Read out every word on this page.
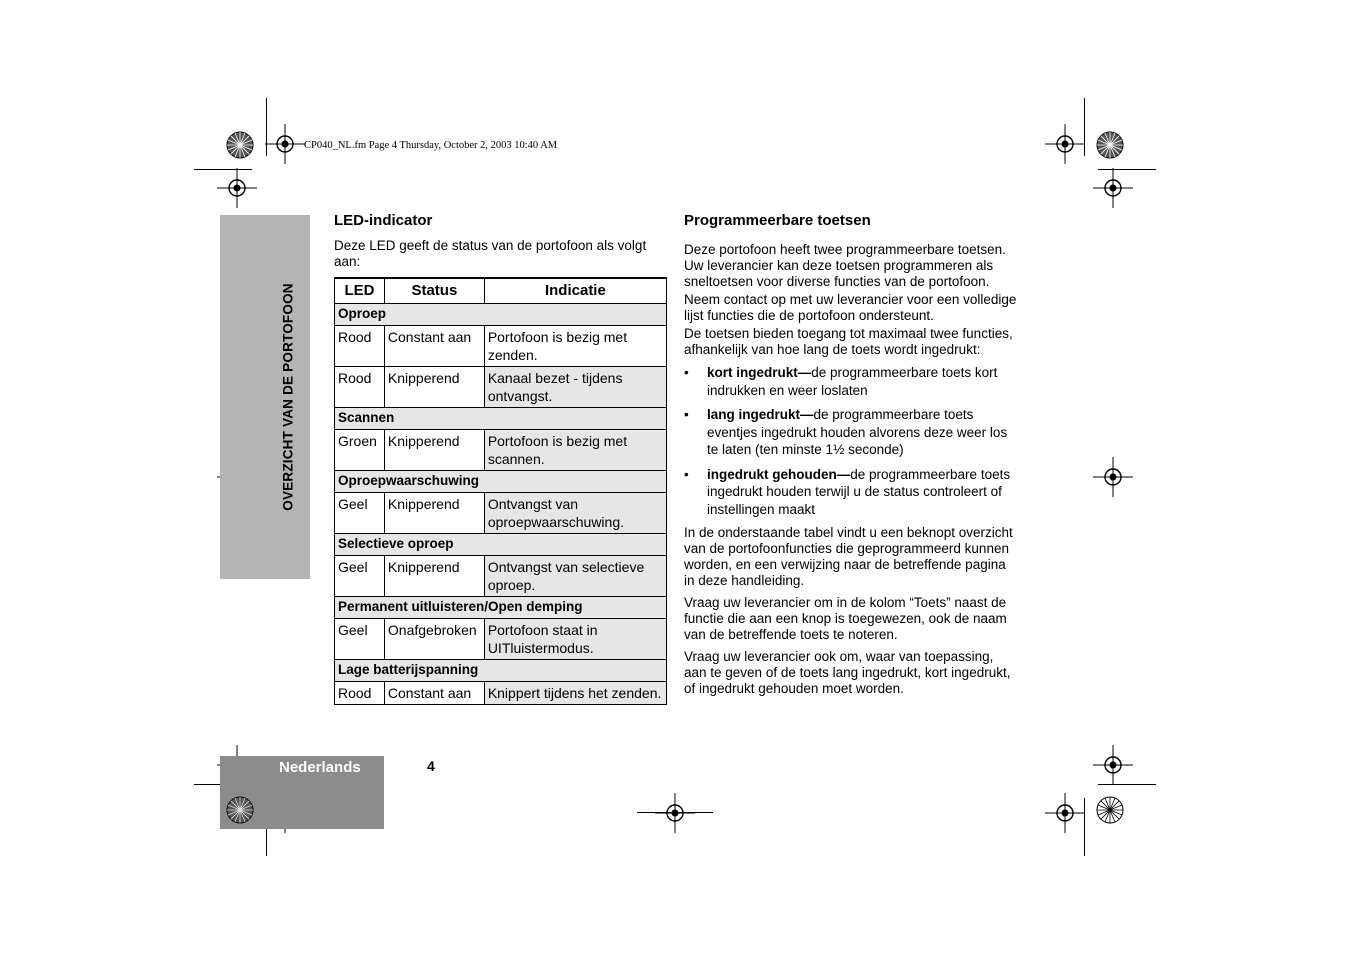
CP040_NL.fm Page 4 Thursday, October 2, 2003 10:40 AM
OVERZICHT VAN DE PORTOFOON
Nederlands	4
LED-indicator
Deze LED geeft de status van de portofoon als volgt aan:
LED	Status	Indicatie
Oproep		
Rood	Constant aan	Portofoon is bezig met zenden.
Rood	Knipperend	Kanaal bezet - tijdens ontvangst.
Scannen		
Groen	Knipperend	Portofoon is bezig met scannen.
Oproepwaarschuwing		
Geel	Knipperend	Ontvangst van oproepwaarschuwing.
Selectieve oproep		
Geel	Knipperend	Ontvangst van selectieve oproep.
Permanent uitluisteren/Open demping		
Geel	Onafgebroken	Portofoon staat in UITluistermodus.
Lage batterijspanning		
Rood	Constant aan	Knippert tijdens het zenden.
Programmeerbare toetsen

Deze portofoon heeft twee programmeerbare toetsen. Uw leverancier kan deze toetsen programmeren als sneltoetsen voor diverse functies van de portofoon.

Neem contact op met uw leverancier voor een volledige lijst functies die de portofoon ondersteunt.

De toetsen bieden toegang tot maximaal twee functies, afhankelijk van hoe lang de toets wordt ingedrukt:

• kort ingedrukt—de programmeerbare toets kort indrukken en weer loslaten
• lang ingedrukt—de programmeerbare toets eventjes ingedrukt houden alvorens deze weer los te laten (ten minste 1½ seconde)
• ingedrukt gehouden—de programmeerbare toets ingedrukt houden terwijl u de status controleert of instellingen maakt

In de onderstaande tabel vindt u een beknopt overzicht van de portofoonfuncties die geprogrammeerd kunnen worden, en een verwijzing naar de betreffende pagina in deze handleiding.

Vraag uw leverancier om in de kolom “Toets” naast de functie die aan een knop is toegewezen, ook de naam van de betreffende toets te noteren.

Vraag uw leverancier ook om, waar van toepassing, aan te geven of de toets lang ingedrukt, kort ingedrukt, of ingedrukt gehouden moet worden.
